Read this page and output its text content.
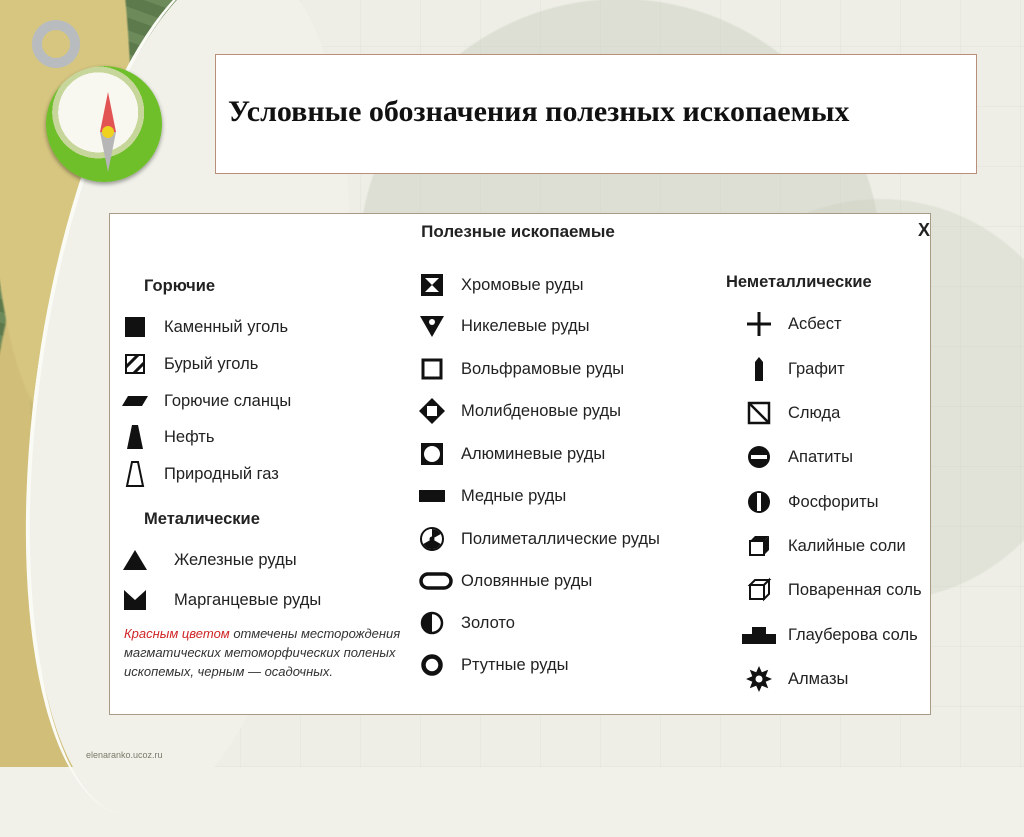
Условные обозначения полезных ископаемых
Полезные ископаемые	Х
Горючие
Каменный уголь
Бурый уголь
Горючие сланцы
Нефть
Природный газ
Металические
Железные руды
Марганцевые руды
Красным цветом отмечены месторождения магматических метоморфических поленых ископемых, черным — осадочных.
Хромовые руды
Никелевые руды
Вольфрамовые руды
Молибденовые руды
Алюминевые руды
Медные руды
Полиметаллические руды
Оловянные руды
Золото
Ртутные руды
Неметаллические
Асбест
Графит
Слюда
Апатиты
Фосфориты
Калийные соли
Поваренная соль
Глауберова соль
Алмазы
elenaranko.ucoz.ru
